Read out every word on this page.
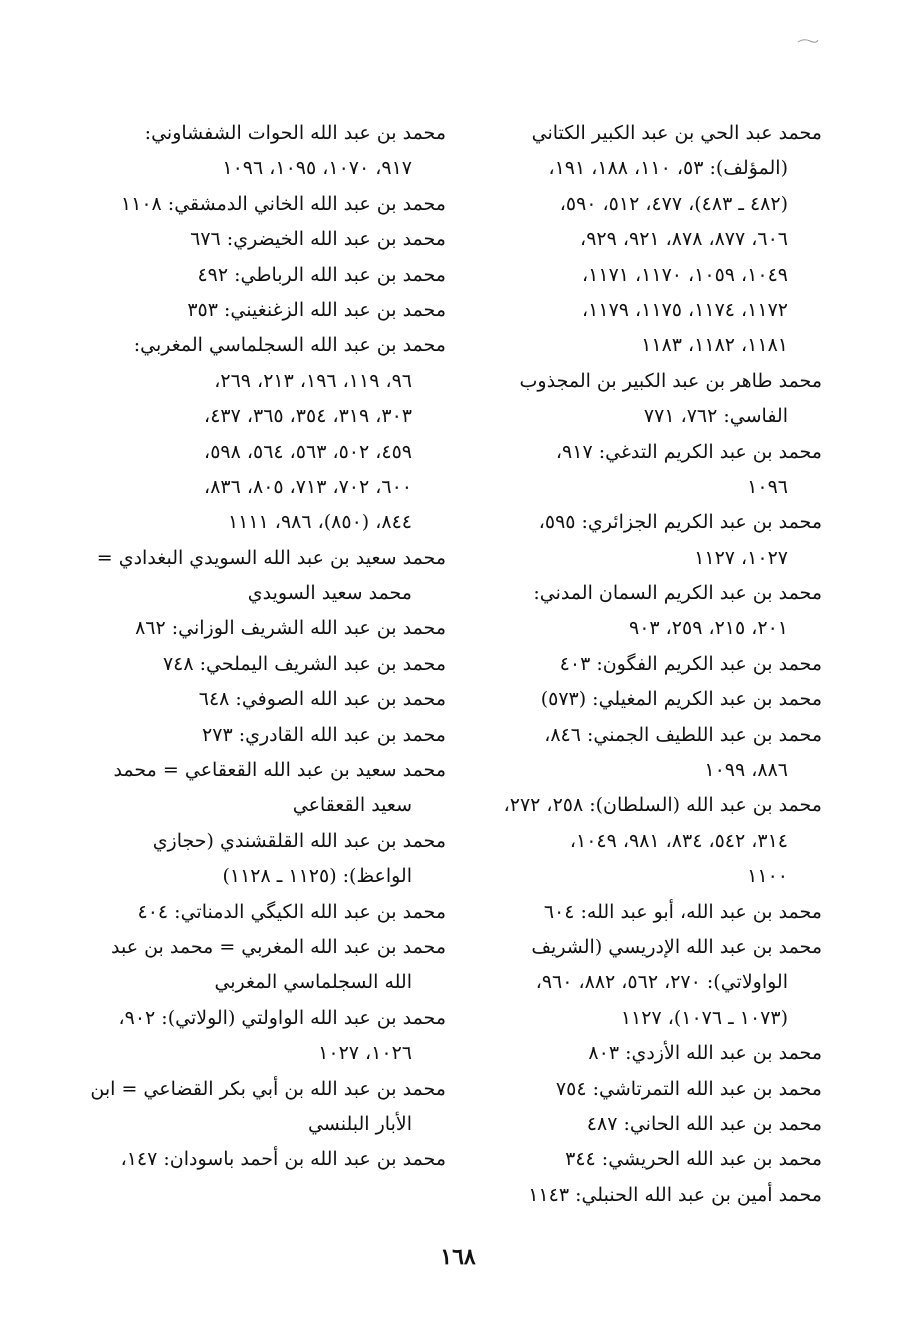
محمد عبد الحي بن عبد الكبير الكتاني
(المؤلف): ٥٣، ١١٠، ١٨٨، ١٩١،
(٤٨٢ ـ ٤٨٣)، ٤٧٧، ٥١٢، ٥٩٠،
٦٠٦، ٨٧٧، ٨٧٨، ٩٢١، ٩٢٩،
١٠٤٩، ١٠٥٩، ١١٧٠، ١١٧١،
١١٧٢، ١١٧٤، ١١٧٥، ١١٧٩،
١١٨١، ١١٨٢، ١١٨٣
محمد طاهر بن عبد الكبير بن المجذوب
الفاسي: ٧٦٢، ٧٧١
محمد بن عبد الكريم التدغي: ٩١٧،
١٠٩٦
محمد بن عبد الكريم الجزائري: ٥٩٥،
١٠٢٧، ١١٢٧
محمد بن عبد الكريم السمان المدني:
٢٠١، ٢١٥، ٢٥٩، ٩٠٣
محمد بن عبد الكريم الفگون: ٤٠٣
محمد بن عبد الكريم المغيلي: (٥٧٣)
محمد بن عبد اللطيف الجمني: ٨٤٦،
٨٨٦، ١٠٩٩
محمد بن عبد الله (السلطان): ٢٥٨، ٢٧٢،
٣١٤، ٥٤٢، ٨٣٤، ٩٨١، ١٠٤٩،
١١٠٠
محمد بن عبد الله، أبو عبد الله: ٦٠٤
محمد بن عبد الله الإدريسي (الشريف
الواولاتي): ٢٧٠، ٥٦٢، ٨٨٢، ٩٦٠،
(١٠٧٣ ـ ١٠٧٦)، ١١٢٧
محمد بن عبد الله الأزدي: ٨٠٣
محمد بن عبد الله التمرتاشي: ٧٥٤
محمد بن عبد الله الحاني: ٤٨٧
محمد بن عبد الله الحريشي: ٣٤٤
محمد أمين بن عبد الله الحنبلي: ١١٤٣
محمد بن عبد الله الحوات الشفشاوني:
٩١٧، ١٠٧٠، ١٠٩٥، ١٠٩٦
محمد بن عبد الله الخاني الدمشقي: ١١٠٨
محمد بن عبد الله الخيضري: ٦٧٦
محمد بن عبد الله الرباطي: ٤٩٢
محمد بن عبد الله الزغنغيني: ٣٥٣
محمد بن عبد الله السجلماسي المغربي:
٩٦، ١١٩، ١٩٦، ٢١٣، ٢٦٩،
٣٠٣، ٣١٩، ٣٥٤، ٣٦٥، ٤٣٧،
٤٥٩، ٥٠٢، ٥٦٣، ٥٦٤، ٥٩٨،
٦٠٠، ٧٠٢، ٧١٣، ٨٠٥، ٨٣٦،
٨٤٤، (٨٥٠)، ٩٨٦، ١١١١
محمد سعيد بن عبد الله السويدي البغدادي =
محمد سعيد السويدي
محمد بن عبد الله الشريف الوزاني: ٨٦٢
محمد بن عبد الشريف اليملحي: ٧٤٨
محمد بن عبد الله الصوفي: ٦٤٨
محمد بن عبد الله القادري: ٢٧٣
محمد سعيد بن عبد الله القعقاعي = محمد
سعيد القعقاعي
محمد بن عبد الله القلقشندي (حجازي
الواعظ): (١١٢٥ ـ ١١٢٨)
محمد بن عبد الله الكيگي الدمناتي: ٤٠٤
محمد بن عبد الله المغربي = محمد بن عبد
الله السجلماسي المغربي
محمد بن عبد الله الواولتي (الولاتي): ٩٠٢،
١٠٢٦، ١٠٢٧
محمد بن عبد الله بن أبي بكر القضاعي = ابن
الأبار البلنسي
محمد بن عبد الله بن أحمد باسودان: ١٤٧،
١٦٨
